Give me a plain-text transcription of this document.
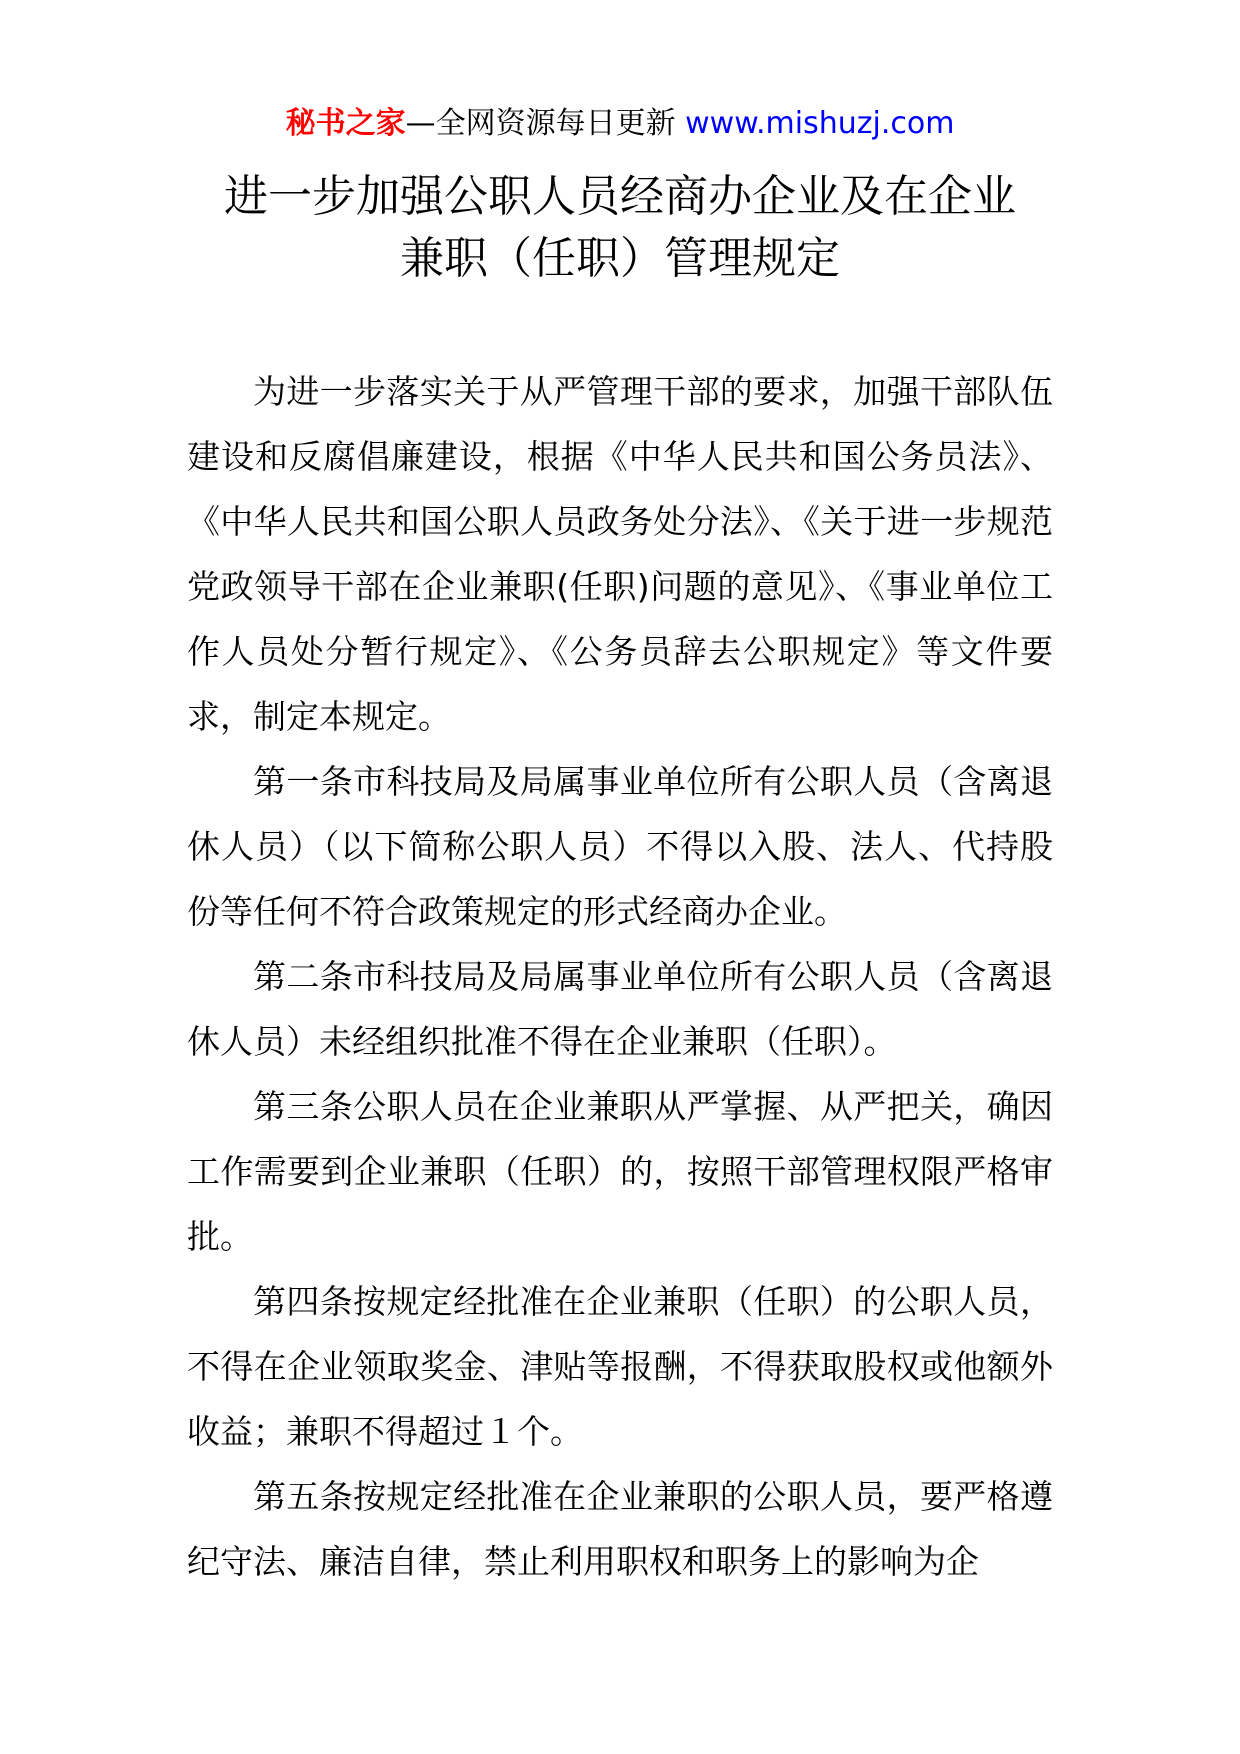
秘书之家—全网资源每日更新 www.mishuzj.com
进一步加强公职人员经商办企业及在企业
兼职（任职）管理规定

为进一步落实关于从严管理干部的要求，加强干部队伍建设和反腐倡廉建设，根据《中华人民共和国公务员法》、《中华人民共和国公职人员政务处分法》、《关于进一步规范党政领导干部在企业兼职(任职)问题的意见》、《事业单位工作人员处分暂行规定》、《公务员辞去公职规定》等文件要求，制定本规定。

第一条市科技局及局属事业单位所有公职人员（含离退休人员）（以下简称公职人员）不得以入股、法人、代持股份等任何不符合政策规定的形式经商办企业。

第二条市科技局及局属事业单位所有公职人员（含离退休人员）未经组织批准不得在企业兼职（任职）。

第三条公职人员在企业兼职从严掌握、从严把关，确因工作需要到企业兼职（任职）的，按照干部管理权限严格审批。

第四条按规定经批准在企业兼职（任职）的公职人员，不得在企业领取奖金、津贴等报酬，不得获取股权或他额外收益；兼职不得超过１个。

第五条按规定经批准在企业兼职的公职人员，要严格遵纪守法、廉洁自律，禁止利用职权和职务上的影响为企
